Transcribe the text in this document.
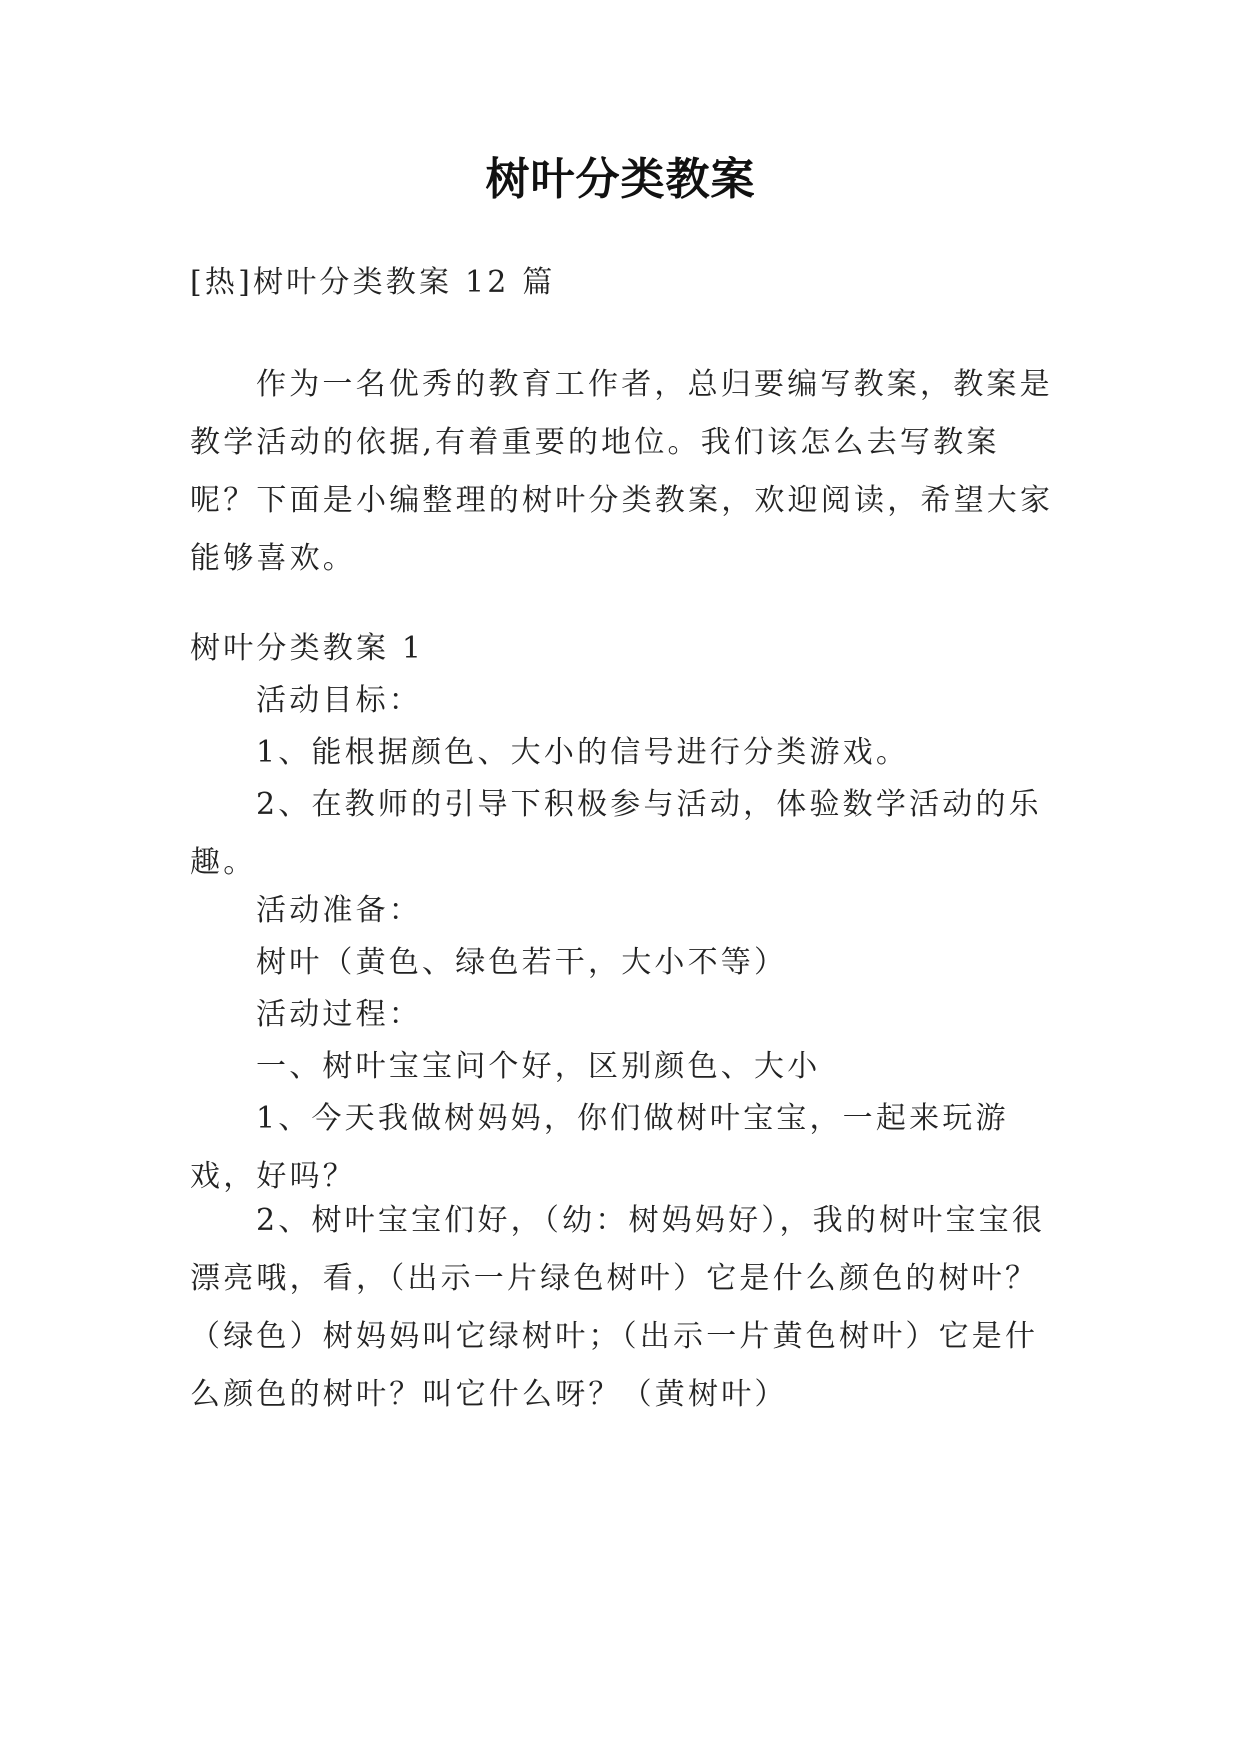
树叶分类教案
[热]树叶分类教案 12 篇
作为一名优秀的教育工作者，总归要编写教案，教案是教学活动的依据,有着重要的地位。我们该怎么去写教案呢？下面是小编整理的树叶分类教案，欢迎阅读，希望大家能够喜欢。
树叶分类教案 1
活动目标：
1、能根据颜色、大小的信号进行分类游戏。
2、在教师的引导下积极参与活动，体验数学活动的乐趣。
活动准备：
树叶（黄色、绿色若干，大小不等）
活动过程：
一、树叶宝宝问个好，区别颜色、大小
1、今天我做树妈妈，你们做树叶宝宝，一起来玩游戏，好吗？
2、树叶宝宝们好，（幼：树妈妈好），我的树叶宝宝很漂亮哦，看，（出示一片绿色树叶）它是什么颜色的树叶？（绿色）树妈妈叫它绿树叶；（出示一片黄色树叶）它是什么颜色的树叶？叫它什么呀？（黄树叶）
